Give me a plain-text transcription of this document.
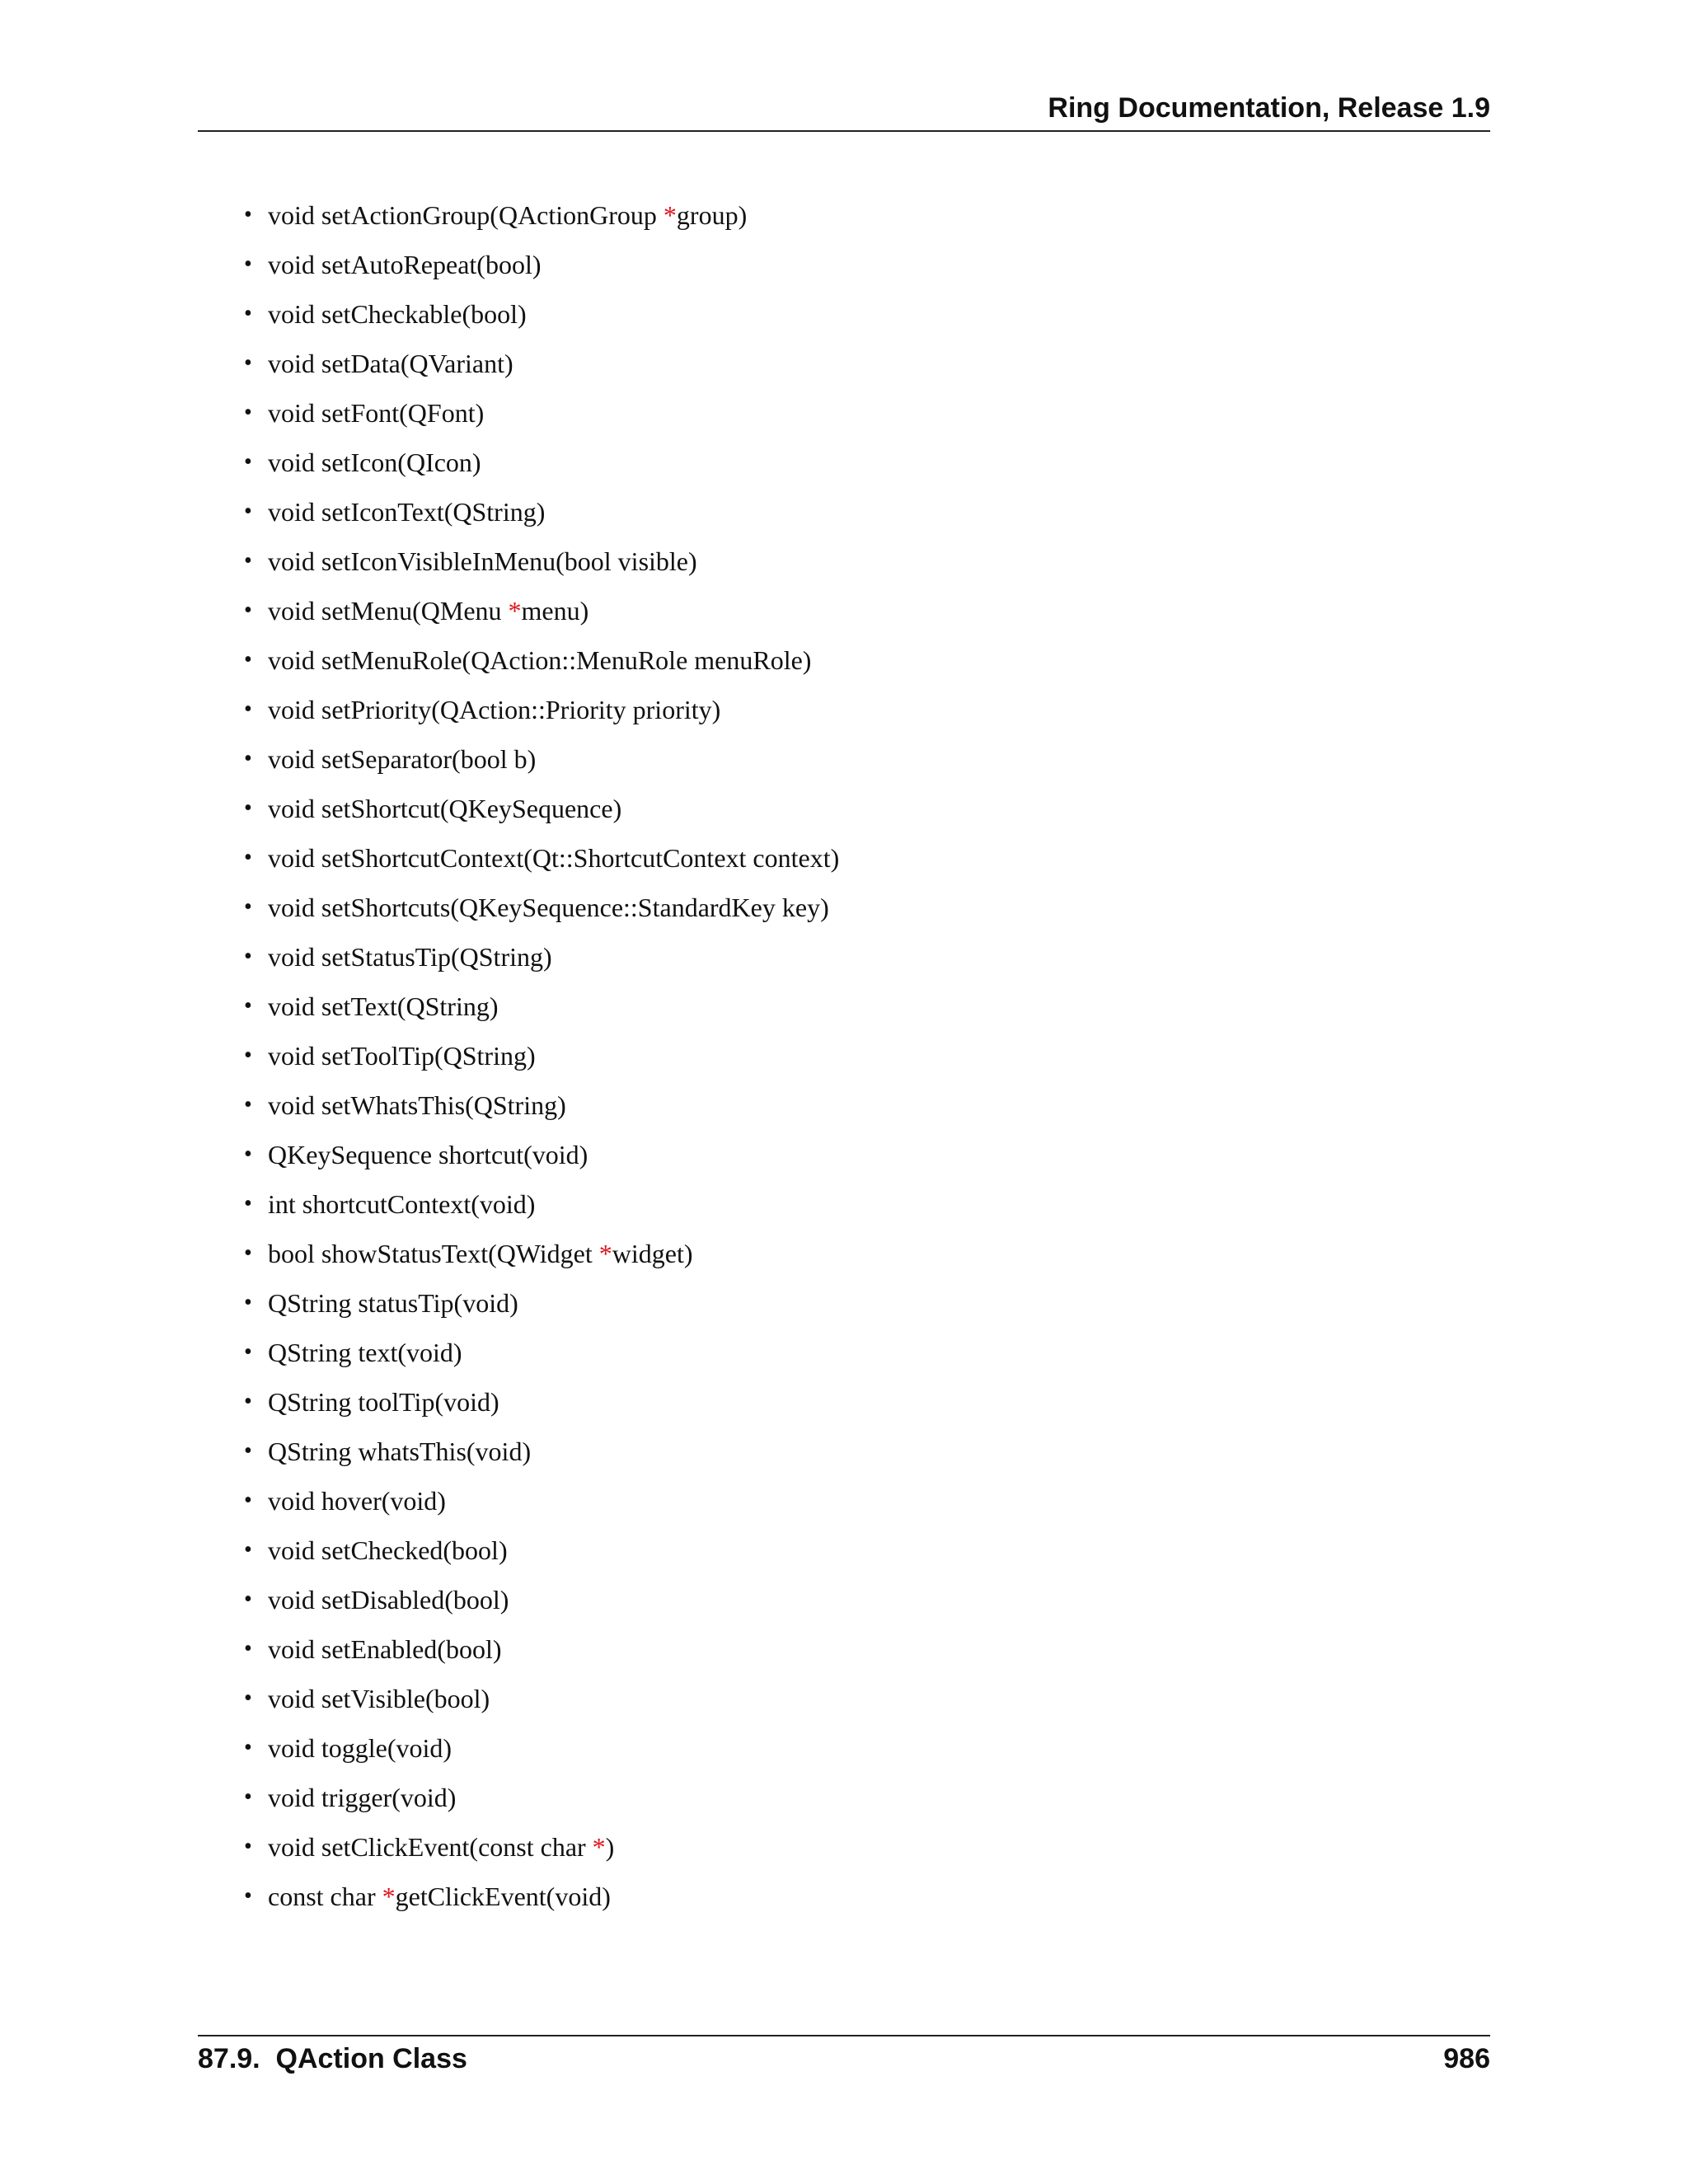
Ring Documentation, Release 1.9
• void setActionGroup(QActionGroup *group)
• void setAutoRepeat(bool)
• void setCheckable(bool)
• void setData(QVariant)
• void setFont(QFont)
• void setIcon(QIcon)
• void setIconText(QString)
• void setIconVisibleInMenu(bool visible)
• void setMenu(QMenu *menu)
• void setMenuRole(QAction::MenuRole menuRole)
• void setPriority(QAction::Priority priority)
• void setSeparator(bool b)
• void setShortcut(QKeySequence)
• void setShortcutContext(Qt::ShortcutContext context)
• void setShortcuts(QKeySequence::StandardKey key)
• void setStatusTip(QString)
• void setText(QString)
• void setToolTip(QString)
• void setWhatsThis(QString)
• QKeySequence shortcut(void)
• int shortcutContext(void)
• bool showStatusText(QWidget *widget)
• QString statusTip(void)
• QString text(void)
• QString toolTip(void)
• QString whatsThis(void)
• void hover(void)
• void setChecked(bool)
• void setDisabled(bool)
• void setEnabled(bool)
• void setVisible(bool)
• void toggle(void)
• void trigger(void)
• void setClickEvent(const char *)
• const char *getClickEvent(void)
87.9.  QAction Class	986
